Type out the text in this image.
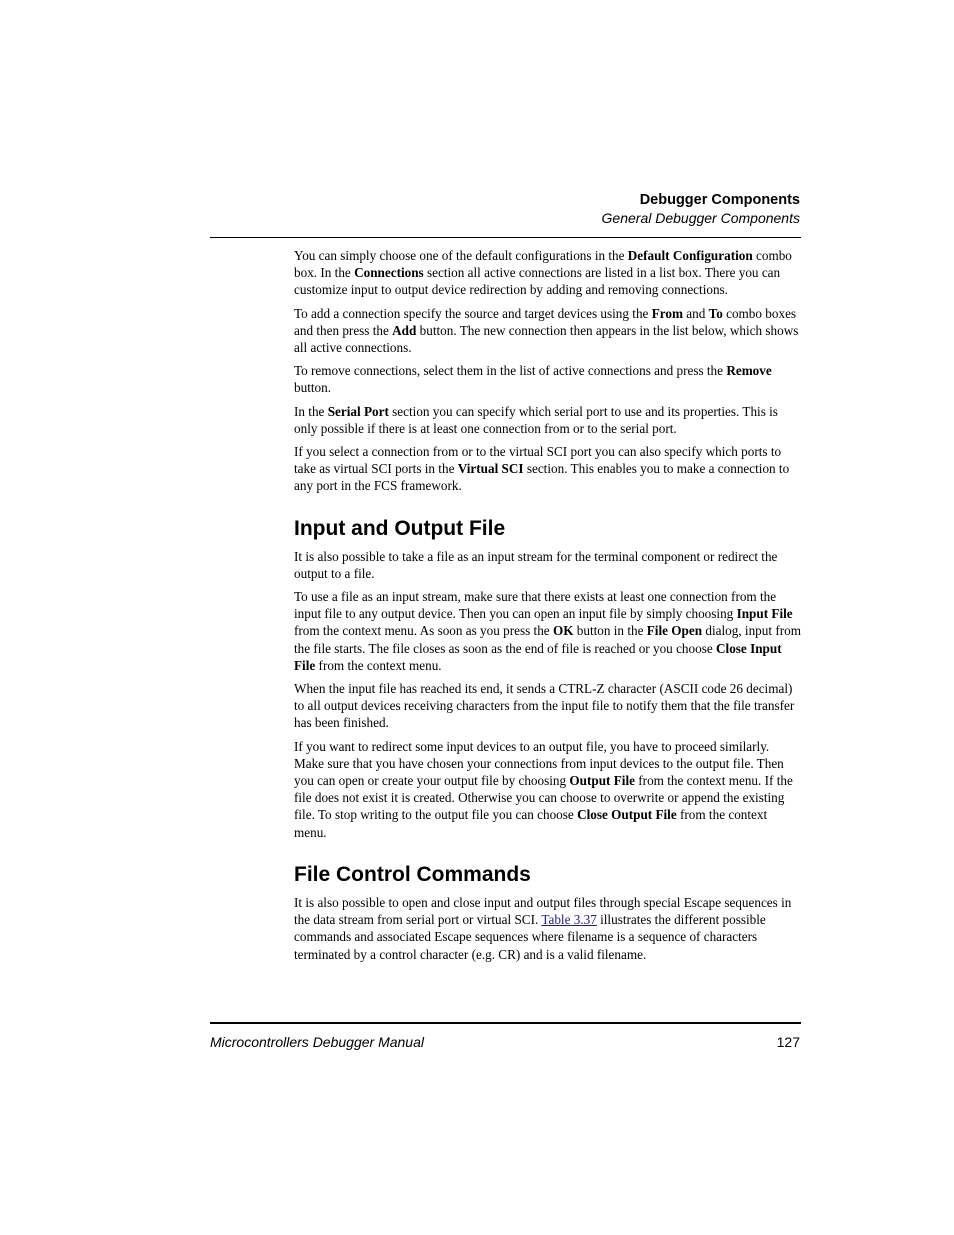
Debugger Components
General Debugger Components

You can simply choose one of the default configurations in the Default Configuration combo box. In the Connections section all active connections are listed in a list box. There you can customize input to output device redirection by adding and removing connections.

To add a connection specify the source and target devices using the From and To combo boxes and then press the Add button. The new connection then appears in the list below, which shows all active connections.

To remove connections, select them in the list of active connections and press the Remove button.

In the Serial Port section you can specify which serial port to use and its properties. This is only possible if there is at least one connection from or to the serial port.

If you select a connection from or to the virtual SCI port you can also specify which ports to take as virtual SCI ports in the Virtual SCI section. This enables you to make a connection to any port in the FCS framework.

Input and Output File

It is also possible to take a file as an input stream for the terminal component or redirect the output to a file.

To use a file as an input stream, make sure that there exists at least one connection from the input file to any output device. Then you can open an input file by simply choosing Input File from the context menu. As soon as you press the OK button in the File Open dialog, input from the file starts. The file closes as soon as the end of file is reached or you choose Close Input File from the context menu.

When the input file has reached its end, it sends a CTRL-Z character (ASCII code 26 decimal) to all output devices receiving characters from the input file to notify them that the file transfer has been finished.

If you want to redirect some input devices to an output file, you have to proceed similarly. Make sure that you have chosen your connections from input devices to the output file. Then you can open or create your output file by choosing Output File from the context menu. If the file does not exist it is created. Otherwise you can choose to overwrite or append the existing file. To stop writing to the output file you can choose Close Output File from the context menu.

File Control Commands

It is also possible to open and close input and output files through special Escape sequences in the data stream from serial port or virtual SCI. Table 3.37 illustrates the different possible commands and associated Escape sequences where filename is a sequence of characters terminated by a control character (e.g. CR) and is a valid filename.

Microcontrollers Debugger Manual	127
